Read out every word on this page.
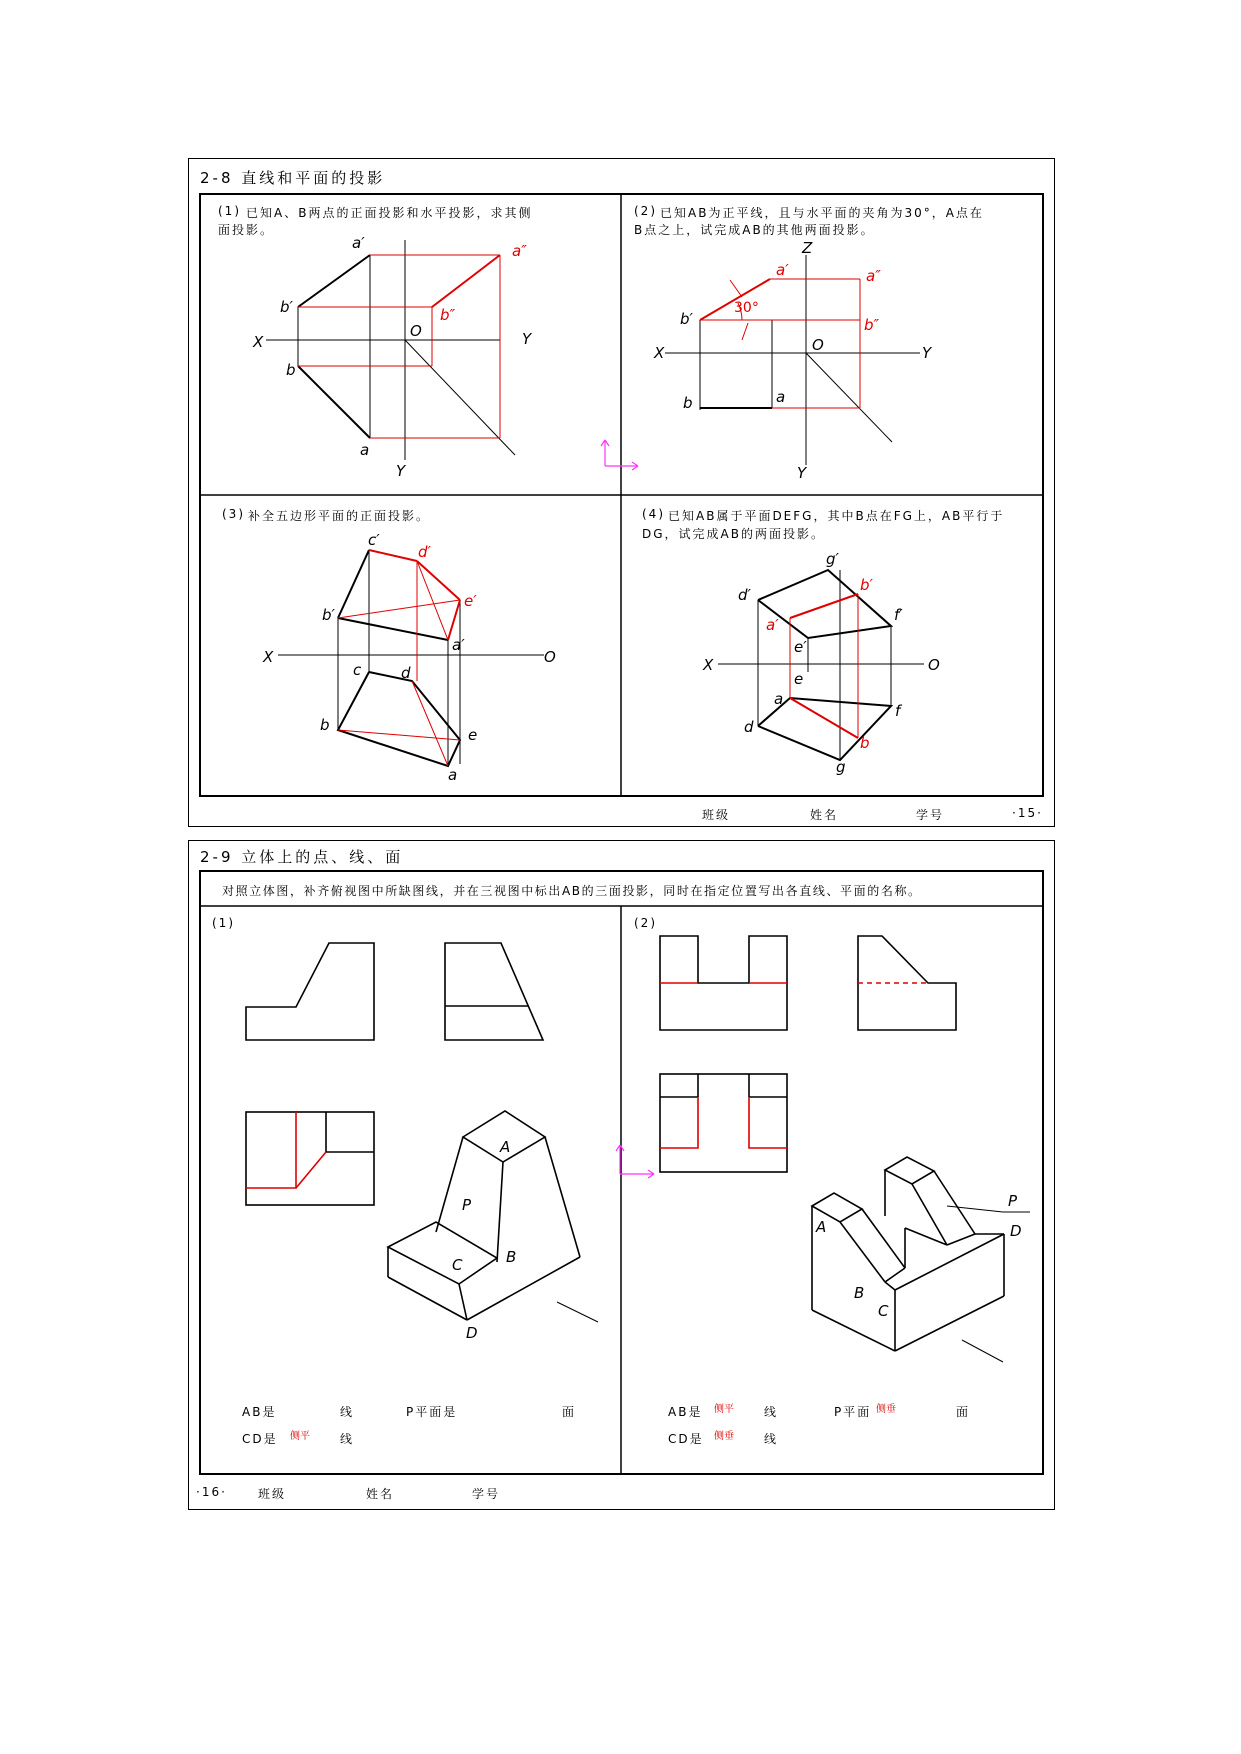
2-8 直线和平面的投影
(1) 已知A、B两点的正面投影和水平投影，求其侧
面投影。
(2) 已知AB为正平线，且与水平面的夹角为30°，A点在
B点之上，试完成AB的其他两面投影。
(3) 补全五边形平面的正面投影。	(4) 已知AB属于平面DEFG，其中B点在FG上，AB平行于
DG，试完成AB的两面投影。
班级	姓名	学号	·15·
2-9 立体上的点、线、面
对照立体图，补齐俯视图中所缺图线，并在三视图中标出AB的三面投影，同时在指定位置写出各直线、平面的名称。
(1)	(2)
AB是	线	P平面是	面
CD是 侧平	线
AB是 侧平	线	P平面 侧垂	面
CD是 侧垂	线
·16·	班级	姓名	学号
a′
b′
X
O
b
a
Y
Y
a″
b″
Z
b′
X	O
b	a
Y
Y
a′	a″
b″
30°
c′
b′
X
c	d
a′
O
b
e
a
d′
e′
g′
d′
f′
e′
X
e
O
a
d
f
g
b′
a′
b
A
P
C	B
D
P
D
A
B
C
